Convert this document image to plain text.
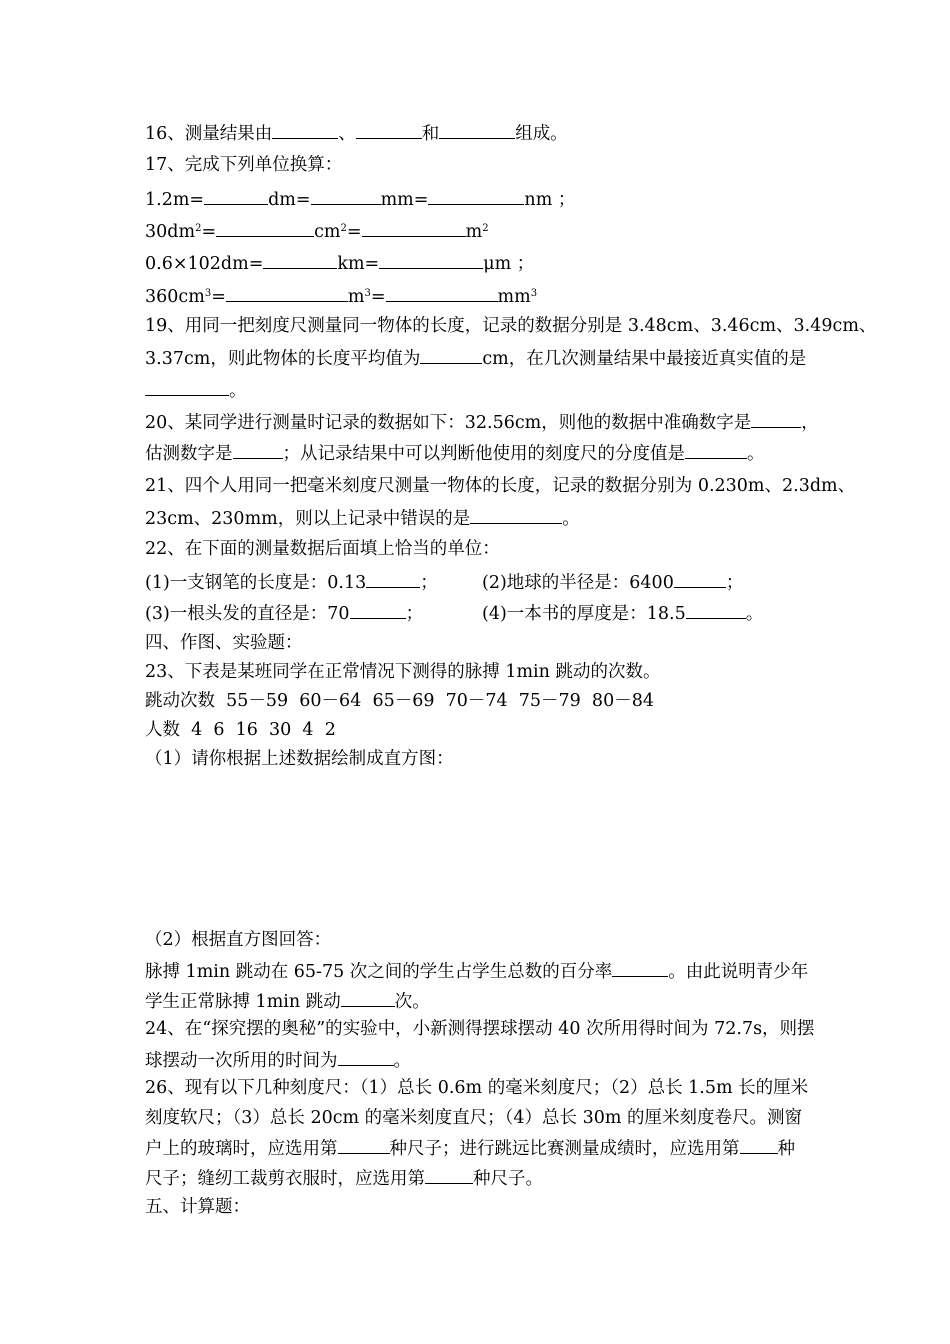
16、测量结果由	、	和	组成。
17、完成下列单位换算：
1.2m=	dm=	mm=	nm ；
$30dm^2=$	$cm^2=$	$m^2$
0.6×102dm=	km=	μm ；
$360cm^3=$	$m^3=$	$mm^3$
19、用同一把刻度尺测量同一物体的长度，记录的数据分别是 3.48cm、3.46cm、3.49cm、
3.37cm，则此物体的长度平均值为	cm，在几次测量结果中最接近真实值的是
。
20、某同学进行测量时记录的数据如下：32.56cm，则他的数据中准确数字是	，
估测数字是	；从记录结果中可以判断他使用的刻度尺的分度值是	。
21、四个人用同一把毫米刻度尺测量一物体的长度，记录的数据分别为 0.230m、2.3dm、
23cm、230mm，则以上记录中错误的是	。
22、在下面的测量数据后面填上恰当的单位：
(1)一支钢笔的长度是：0.13	；	(2)地球的半径是：6400	；
(3)一根头发的直径是：70	；	(4)一本书的厚度是：18.5	。
四、作图、实验题：
23、下表是某班同学在正常情况下测得的脉搏 1min 跳动的次数。
跳动次数  55－59  60－64  65－69  70－74  75－79  80－84
人数  4  6  16  30  4  2
（1）请你根据上述数据绘制成直方图：
（2）根据直方图回答：
脉搏 1min 跳动在 65-75 次之间的学生占学生总数的百分率	。由此说明青少年
学生正常脉搏 1min 跳动	次。
24、在“探究摆的奥秘”的实验中，小新测得摆球摆动 40 次所用得时间为 72.7s，则摆
球摆动一次所用的时间为	。
26、现有以下几种刻度尺：（1）总长 0.6m 的毫米刻度尺；（2）总长 1.5m 长的厘米
刻度软尺；（3）总长 20cm 的毫米刻度直尺；（4）总长 30m 的厘米刻度卷尺。测窗
户上的玻璃时，应选用第	种尺子；进行跳远比赛测量成绩时，应选用第 种
尺子；缝纫工裁剪衣服时，应选用第	种尺子。
五、计算题：
